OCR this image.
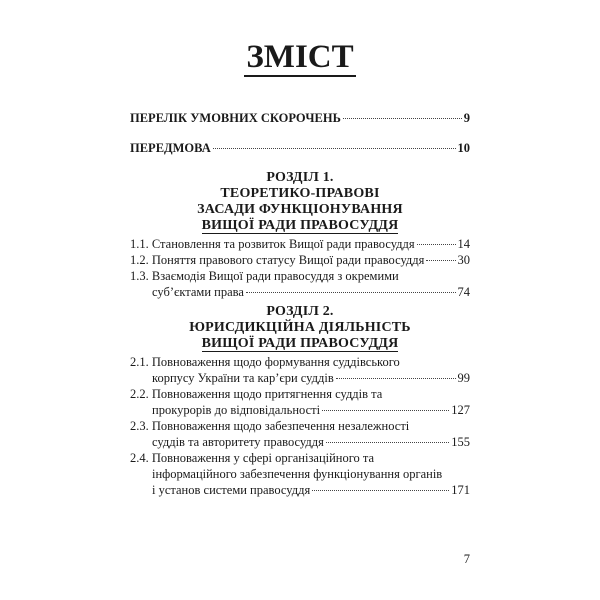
ЗМІСТ
ПЕРЕЛІК УМОВНИХ СКОРОЧЕНЬ	9
ПЕРЕДМОВА	10
РОЗДІЛ 1.
ТЕОРЕТИКО-ПРАВОВІ
ЗАСАДИ ФУНКЦІОНУВАННЯ
ВИЩОЇ РАДИ ПРАВОСУДДЯ
1.1. Становлення та розвиток Вищої ради правосуддя	14
1.2. Поняття правового статусу Вищої ради правосуддя	30
1.3. Взаємодія Вищої ради правосуддя з окремими
суб’єктами права	74
РОЗДІЛ 2.
ЮРИСДИКЦІЙНА ДІЯЛЬНІСТЬ
ВИЩОЇ РАДИ ПРАВОСУДДЯ
2.1. Повноваження щодо формування суддівського
корпусу України та кар’єри суддів	99
2.2. Повноваження щодо притягнення суддів та
прокурорів до відповідальності	127
2.3. Повноваження щодо забезпечення незалежності
суддів та авторитету правосуддя	155
2.4. Повноваження у сфері організаційного та
інформаційного забезпечення функціонування органів
і установ системи правосуддя	171
7
